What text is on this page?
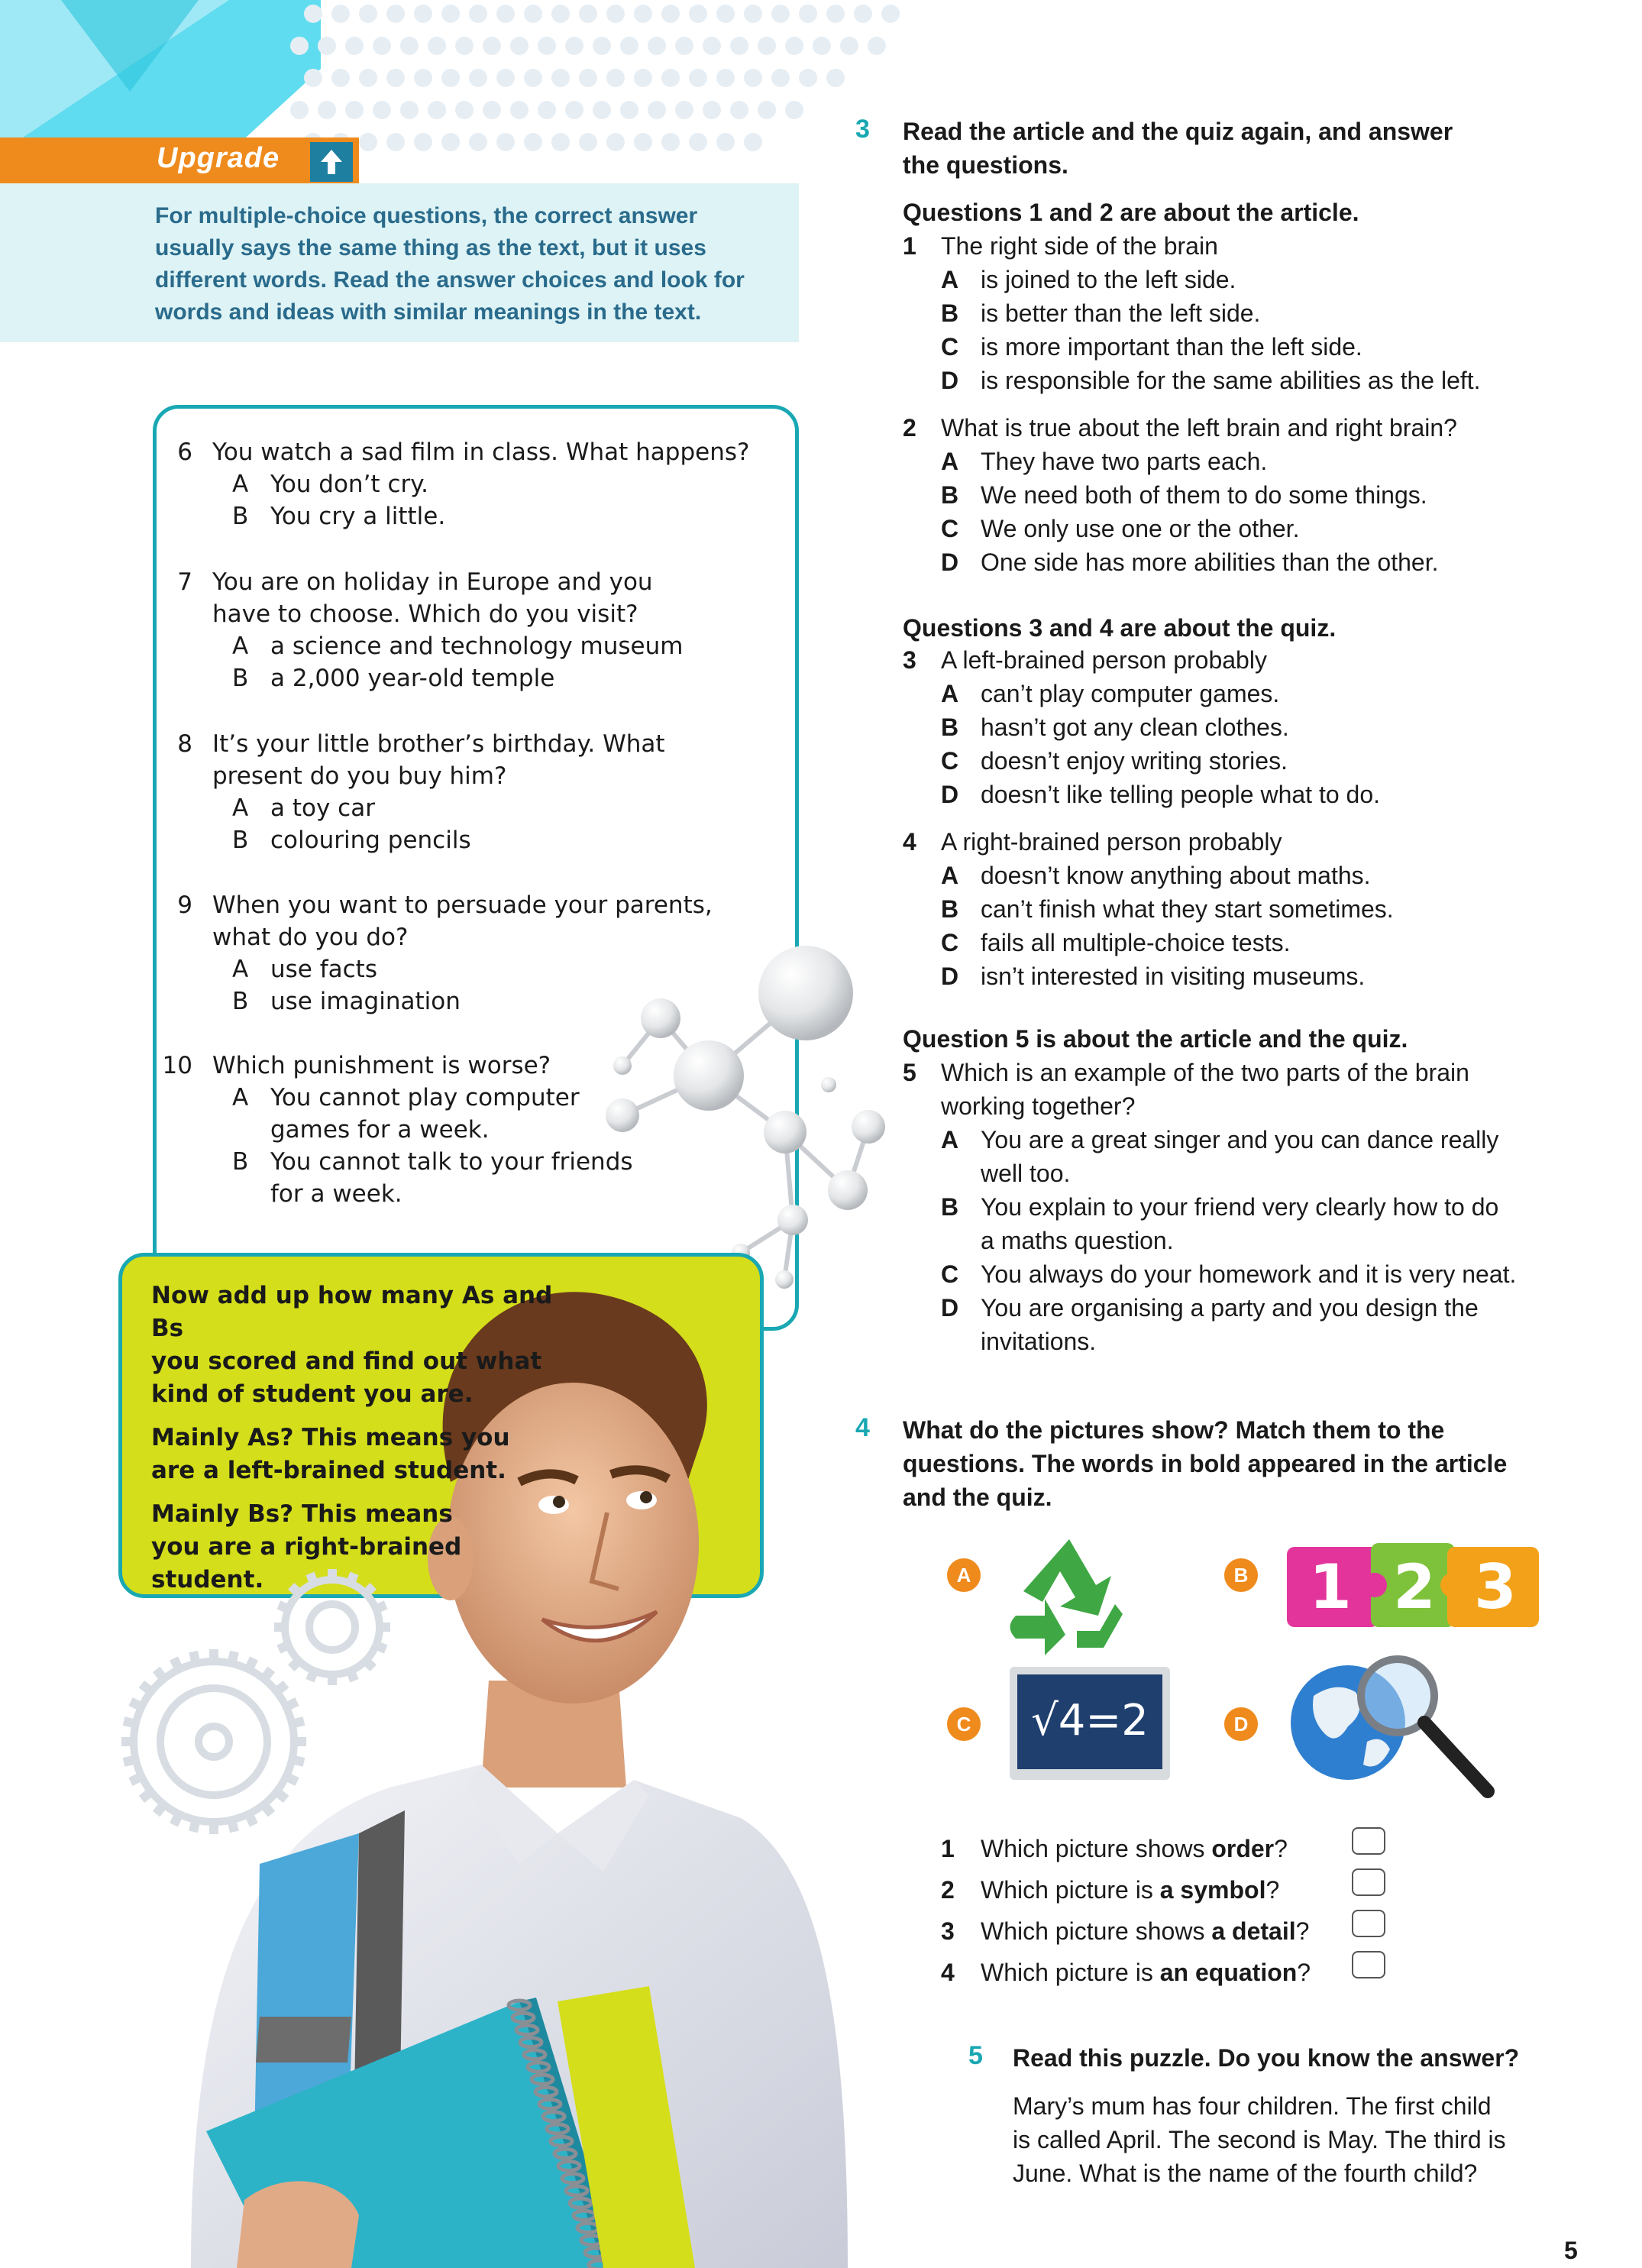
Upgrade
For multiple-choice questions, the correct answer
usually says the same thing as the text, but it uses
different words. Read the answer choices and look for
words and ideas with similar meanings in the text.
6 You watch a sad film in class. What happens?
A You don’t cry.
B You cry a little.
7 You are on holiday in Europe and you
have to choose. Which do you visit?
A a science and technology museum
B a 2,000 year-old temple
8 It’s your little brother’s birthday. What
present do you buy him?
A a toy car
B colouring pencils
9 When you want to persuade your parents,
what do you do?
A use facts
B use imagination
10 Which punishment is worse?
A You cannot play computer
games for a week.
B You cannot talk to your friends
for a week.

Now add up how many As and Bs
you scored and find out what
kind of student you are.

Mainly As? This means you
are a left-brained student.

Mainly Bs? This means
you are a right-brained
student.

3 Read the article and the quiz again, and answer
the questions.
Questions 1 and 2 are about the article.
1 The right side of the brain
A is joined to the left side.
B is better than the left side.
C is more important than the left side.
D is responsible for the same abilities as the left.
2 What is true about the left brain and right brain?
A They have two parts each.
B We need both of them to do some things.
C We only use one or the other.
D One side has more abilities than the other.
Questions 3 and 4 are about the quiz.
3 A left-brained person probably
A can’t play computer games.
B hasn’t got any clean clothes.
C doesn’t enjoy writing stories.
D doesn’t like telling people what to do.
4 A right-brained person probably
A doesn’t know anything about maths.
B can’t finish what they start sometimes.
C fails all multiple-choice tests.
D isn’t interested in visiting museums.
Question 5 is about the article and the quiz.
5 Which is an example of the two parts of the brain
working together?
A You are a great singer and you can dance really
well too.
B You explain to your friend very clearly how to do
a maths question.
C You always do your homework and it is very neat.
D You are organising a party and you design the
invitations.
4 What do the pictures show? Match them to the
questions. The words in bold appeared in the article
and the quiz.
A	B 1 2 3
C	√4=2	D
1 Which picture shows order?
2 Which picture is a symbol?
3 Which picture shows a detail?
4 Which picture is an equation?
5 Read this puzzle. Do you know the answer?
Mary’s mum has four children. The first child
is called April. The second is May. The third is
June. What is the name of the fourth child?
5
